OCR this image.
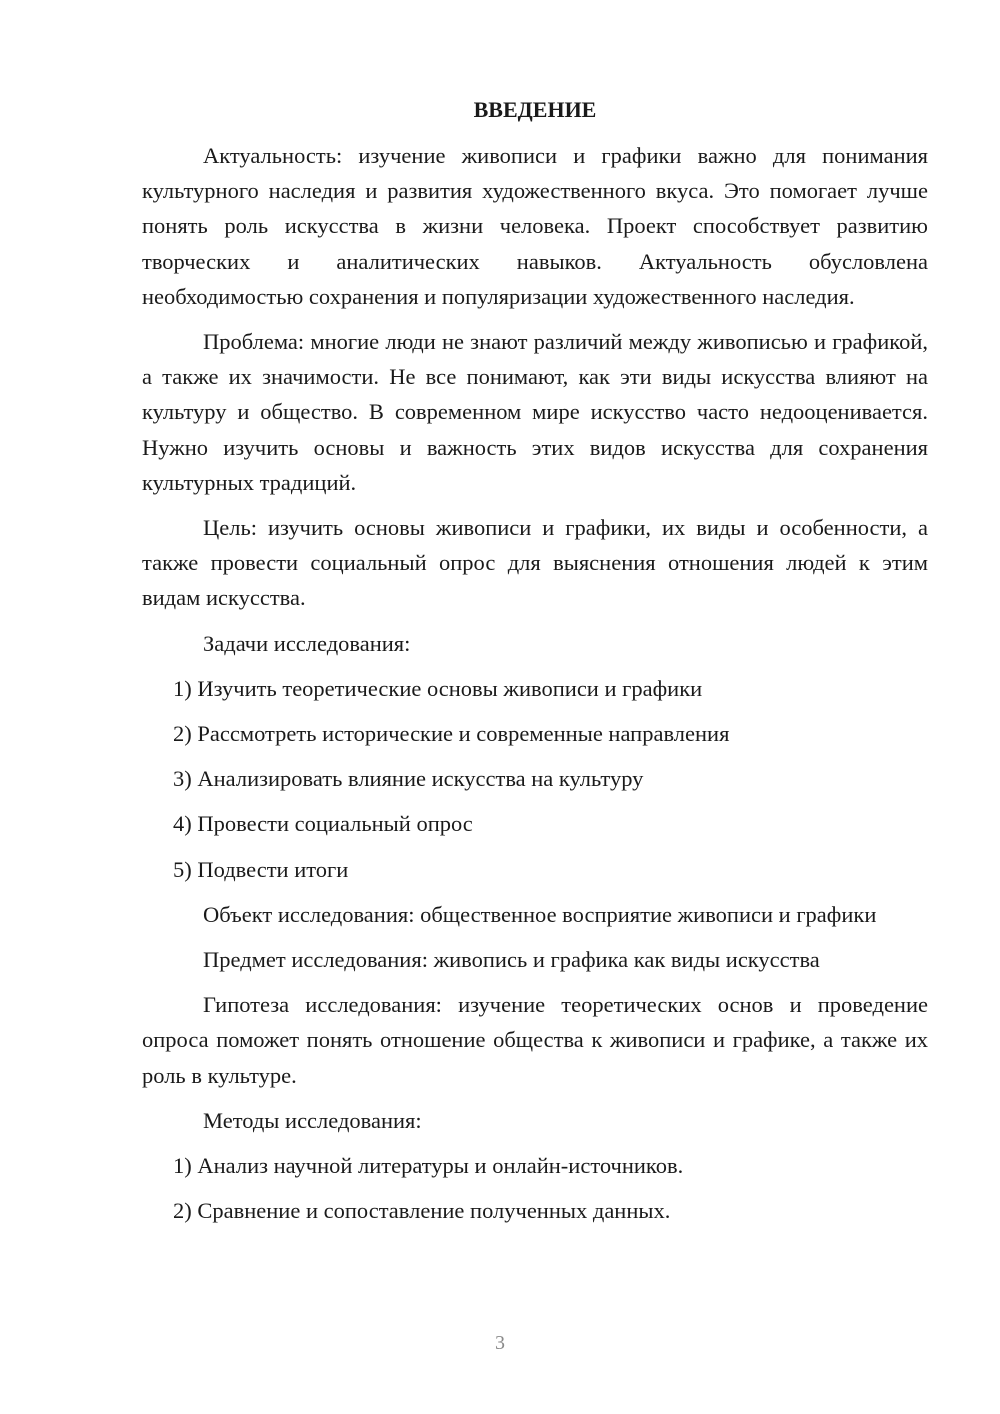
ВВЕДЕНИЕ
Актуальность: изучение живописи и графики важно для понимания культурного наследия и развития художественного вкуса. Это помогает лучше понять роль искусства в жизни человека. Проект способствует развитию творческих и аналитических навыков. Актуальность обусловлена необходимостью сохранения и популяризации художественного наследия.
Проблема: многие люди не знают различий между живописью и графикой, а также их значимости. Не все понимают, как эти виды искусства влияют на культуру и общество. В современном мире искусство часто недооценивается. Нужно изучить основы и важность этих видов искусства для сохранения культурных традиций.
Цель: изучить основы живописи и графики, их виды и особенности, а также провести социальный опрос для выяснения отношения людей к этим видам искусства.
Задачи исследования:
1) Изучить теоретические основы живописи и графики
2) Рассмотреть исторические и современные направления
3) Анализировать влияние искусства на культуру
4) Провести социальный опрос
5) Подвести итоги
Объект исследования: общественное восприятие живописи и графики
Предмет исследования: живопись и графика как виды искусства
Гипотеза исследования: изучение теоретических основ и проведение опроса поможет понять отношение общества к живописи и графике, а также их роль в культуре.
Методы исследования:
1) Анализ научной литературы и онлайн-источников.
2) Сравнение и сопоставление полученных данных.
3
